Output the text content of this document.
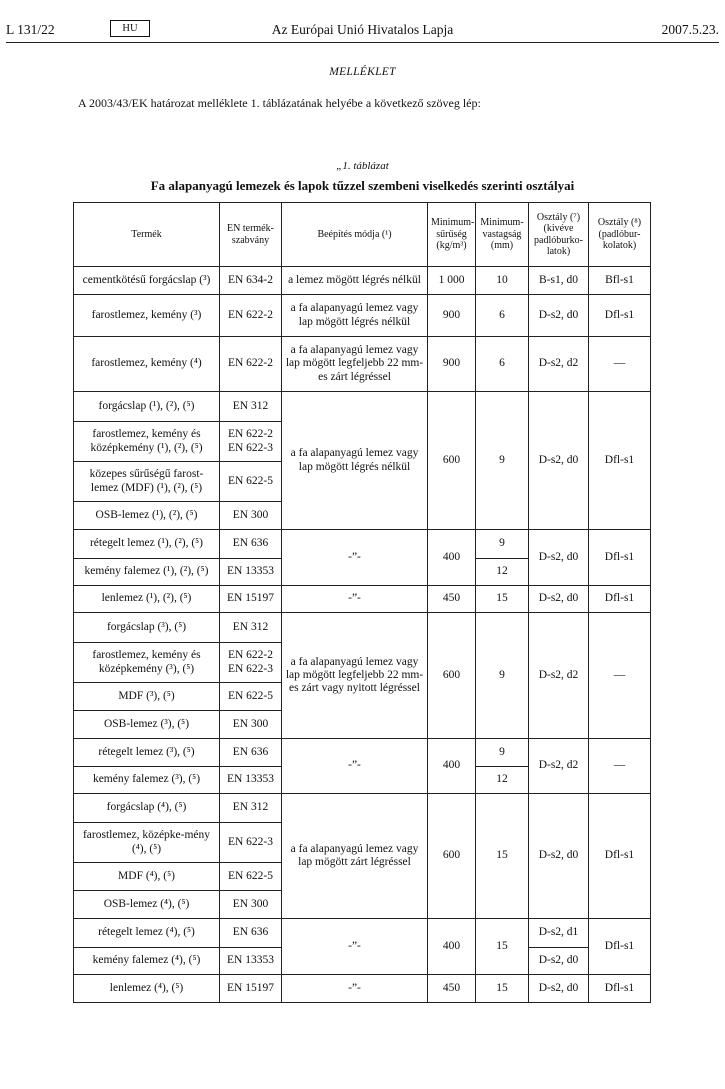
L 131/22	HU	Az Európai Unió Hivatalos Lapja	2007.5.23.
MELLÉKLET
A 2003/43/EK határozat melléklete 1. táblázatának helyébe a következő szöveg lép:
„1. táblázat
Fa alapanyagú lemezek és lapok tűzzel szembeni viselkedés szerinti osztályai
Termék	EN termék-szabvány	Beépítés módja (¹)	Minimum-sűrűség (kg/m³)	Minimum-vastagság (mm)	Osztály (⁷) (kivéve padlóburko-latok)	Osztály (⁸) (padlóbur-kolatok)
cementkötésű forgácslap (³)	EN 634-2	a lemez mögött légrés nélkül	1 000	10	B-s1, d0	Bfl-s1
farostlemez, kemény (³)	EN 622-2	a fa alapanyagú lemez vagy lap mögött légrés nélkül	900	6	D-s2, d0	Dfl-s1
farostlemez, kemény (⁴)	EN 622-2	a fa alapanyagú lemez vagy lap mögött legfeljebb 22 mm-es zárt légréssel	900	6	D-s2, d2	—
forgácslap (¹), (²), (⁵)	EN 312	a fa alapanyagú lemez vagy lap mögött légrés nélkül	600	9	D-s2, d0	Dfl-s1
farostlemez, kemény és középkemény (¹), (²), (⁵)	EN 622-2
EN 622-3					
közepes sűrűségű farost-lemez (MDF) (¹), (²), (⁵)	EN 622-5					
OSB-lemez (¹), (²), (⁵)	EN 300					
rétegelt lemez (¹), (²), (⁵)	EN 636	-”-	400	9	D-s2, d0	Dfl-s1
kemény falemez (¹), (²), (⁵)	EN 13353			12		
lenlemez (¹), (²), (⁵)	EN 15197	-”-	450	15	D-s2, d0	Dfl-s1
forgácslap (³), (⁵)	EN 312	a fa alapanyagú lemez vagy lap mögött legfeljebb 22 mm-es zárt vagy nyitott légréssel	600	9	D-s2, d2	—
farostlemez, kemény és középkemény (³), (⁵)	EN 622-2
EN 622-3					
MDF (³), (⁵)	EN 622-5					
OSB-lemez (³), (⁵)	EN 300					
rétegelt lemez (³), (⁵)	EN 636	-”-	400	9	D-s2, d2	—
kemény falemez (³), (⁵)	EN 13353			12		
forgácslap (⁴), (⁵)	EN 312	a fa alapanyagú lemez vagy lap mögött zárt légréssel	600	15	D-s2, d0	Dfl-s1
farostlemez, középke-mény (⁴), (⁵)	EN 622-3					
MDF (⁴), (⁵)	EN 622-5					
OSB-lemez (⁴), (⁵)	EN 300					
rétegelt lemez (⁴), (⁵)	EN 636	-”-	400	15	D-s2, d1	Dfl-s1
kemény falemez (⁴), (⁵)	EN 13353				D-s2, d0	
lenlemez (⁴), (⁵)	EN 15197	-”-	450	15	D-s2, d0	Dfl-s1
